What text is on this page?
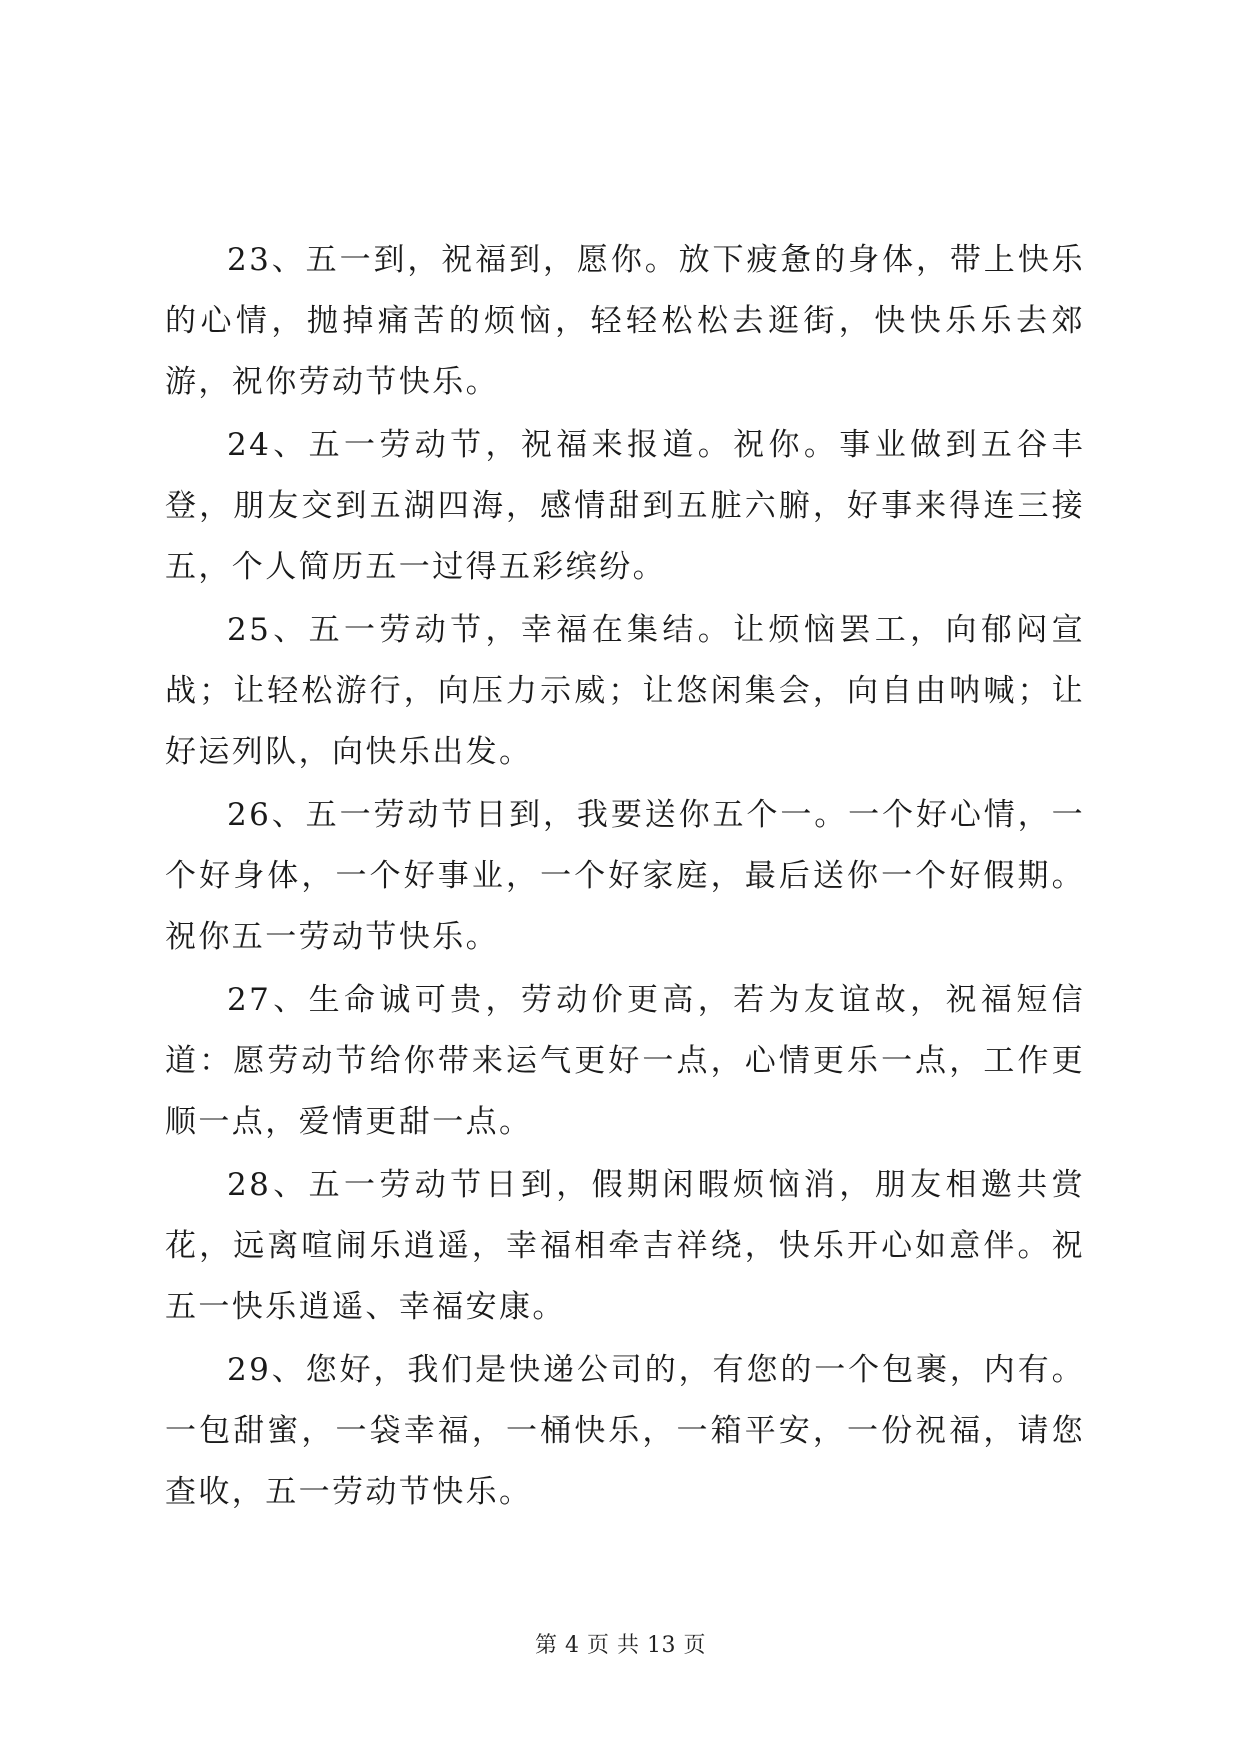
23、五一到，祝福到，愿你。放下疲惫的身体，带上快乐的心情，抛掉痛苦的烦恼，轻轻松松去逛街，快快乐乐去郊游，祝你劳动节快乐。

24、五一劳动节，祝福来报道。祝你。事业做到五谷丰登，朋友交到五湖四海，感情甜到五脏六腑，好事来得连三接五，个人简历五一过得五彩缤纷。

25、五一劳动节，幸福在集结。让烦恼罢工，向郁闷宣战；让轻松游行，向压力示威；让悠闲集会，向自由呐喊；让好运列队，向快乐出发。

26、五一劳动节日到，我要送你五个一。一个好心情，一个好身体，一个好事业，一个好家庭，最后送你一个好假期。祝你五一劳动节快乐。

27、生命诚可贵，劳动价更高，若为友谊故，祝福短信道：愿劳动节给你带来运气更好一点，心情更乐一点，工作更顺一点，爱情更甜一点。

28、五一劳动节日到，假期闲暇烦恼消，朋友相邀共赏花，远离喧闹乐逍遥，幸福相牵吉祥绕，快乐开心如意伴。祝五一快乐逍遥、幸福安康。

29、您好，我们是快递公司的，有您的一个包裹，内有。一包甜蜜，一袋幸福，一桶快乐，一箱平安，一份祝福，请您查收，五一劳动节快乐。

第 4 页 共 13 页
